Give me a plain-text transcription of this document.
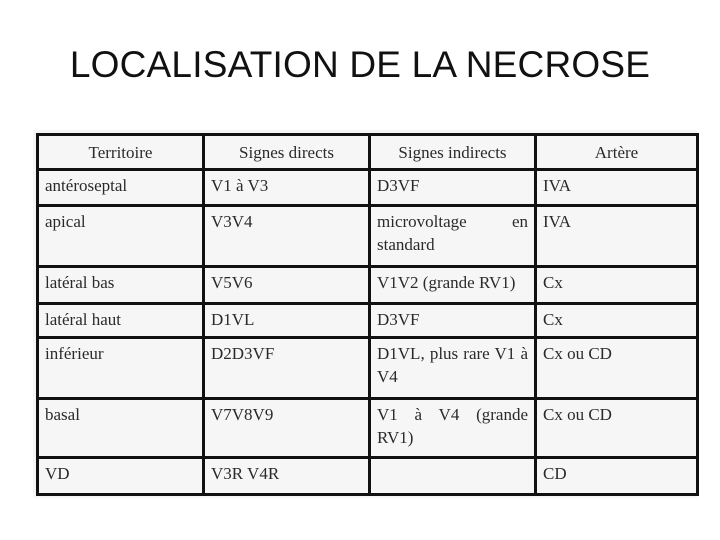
LOCALISATION DE LA NECROSE
Territoire	Signes directs	Signes indirects	Artère
antéroseptal	V1 à V3	D3VF	IVA
apical	V3V4	microvoltage en standard	IVA
latéral bas	V5V6	V1V2 (grande RV1)	Cx
latéral haut	D1VL	D3VF	Cx
inférieur	D2D3VF	D1VL, plus rare V1 à V4	Cx ou CD
basal	V7V8V9	V1 à V4 (grande RV1)	Cx ou CD
VD	V3R V4R		CD
